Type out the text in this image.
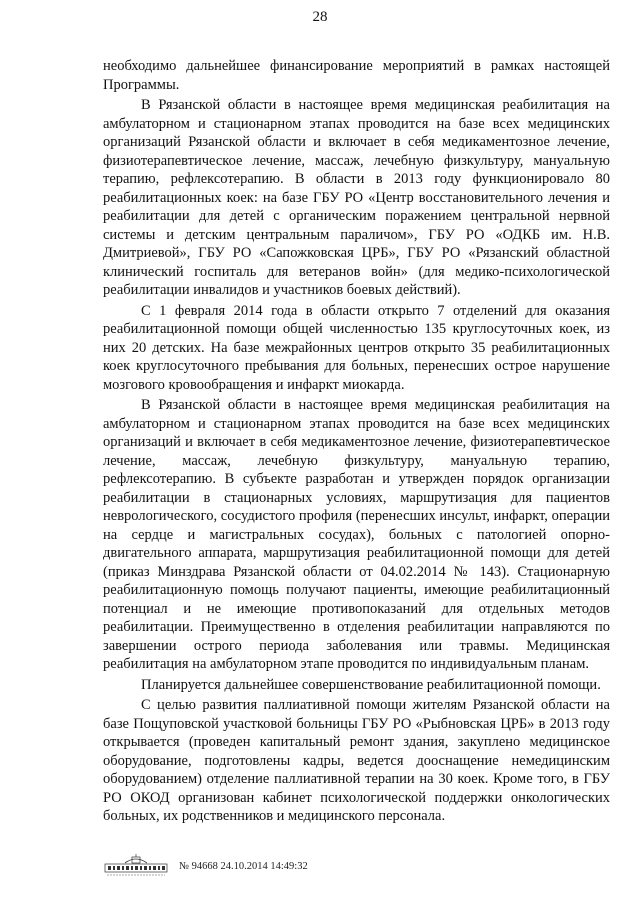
28

необходимо дальнейшее финансирование мероприятий в рамках настоящей Программы.

В Рязанской области в настоящее время медицинская реабилитация на амбулаторном и стационарном этапах проводится на базе всех медицинских организаций Рязанской области и включает в себя медикаментозное лечение, физиотерапевтическое лечение, массаж, лечебную физкультуру, мануальную терапию, рефлексотерапию. В области в 2013 году функционировало 80 реабилитационных коек: на базе ГБУ РО «Центр восстановительного лечения и реабилитации для детей с органическим поражением центральной нервной системы и детским центральным параличом», ГБУ РО «ОДКБ им. Н.В. Дмитриевой», ГБУ РО «Сапожковская ЦРБ», ГБУ РО «Рязанский областной клинический госпиталь для ветеранов войн» (для медико-психологической реабилитации инвалидов и участников боевых действий).

С 1 февраля 2014 года в области открыто 7 отделений для оказания реабилитационной помощи общей численностью 135 круглосуточных коек, из них 20 детских. На базе межрайонных центров открыто 35 реабилитационных коек круглосуточного пребывания для больных, перенесших острое нарушение мозгового кровообращения и инфаркт миокарда.

В Рязанской области в настоящее время медицинская реабилитация на амбулаторном и стационарном этапах проводится на базе всех медицинских организаций и включает в себя медикаментозное лечение, физиотерапевтическое лечение, массаж, лечебную физкультуру, мануальную терапию, рефлексотерапию. В субъекте разработан и утвержден порядок организации реабилитации в стационарных условиях, маршрутизация для пациентов неврологического, сосудистого профиля (перенесших инсульт, инфаркт, операции на сердце и магистральных сосудах), больных с патологией опорно-двигательного аппарата, маршрутизация реабилитационной помощи для детей (приказ Минздрава Рязанской области от 04.02.2014 № 143). Стационарную реабилитационную помощь получают пациенты, имеющие реабилитационный потенциал и не имеющие противопоказаний для отдельных методов реабилитации. Преимущественно в отделения реабилитации направляются по завершении острого периода заболевания или травмы. Медицинская реабилитация на амбулаторном этапе проводится по индивидуальным планам.

Планируется дальнейшее совершенствование реабилитационной помощи.

С целью развития паллиативной помощи жителям Рязанской области на базе Пощуповской участковой больницы ГБУ РО «Рыбновская ЦРБ» в 2013 году открывается (проведен капитальный ремонт здания, закуплено медицинское оборудование, подготовлены кадры, ведется дооснащение немедицинским оборудованием) отделение паллиативной терапии на 30 коек. Кроме того, в ГБУ РО ОКОД организован кабинет психологической поддержки онкологических больных, их родственников и медицинского персонала.

№ 94668 24.10.2014 14:49:32
